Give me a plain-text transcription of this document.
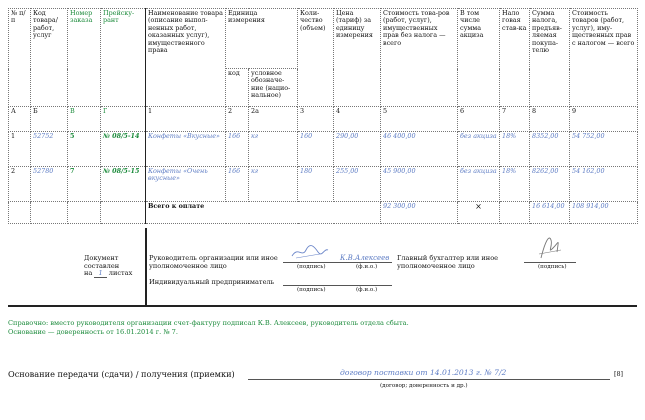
№ п/п	Код товара/ работ, услуг	Номер заказа	Прейску-рант	Наименование товара (описание выпол-ненных работ, оказанных услуг), имущественного права	Единица измерения		Коли-чество (объем)	Цена (тариф) за единицу измерения	Стоимость това-ров (работ, услуг), имущественных прав без налога — всего	В том числе сумма акциза	Нало говая став-ка	Сумма налога, предъяв-ляемая покупа-телю	Стоимость товаров (работ, услуг), иму-щественных прав с налогом — всего
					код	условное обозначе-ние (нацио-нальное)							
А	Б	В	Г	1	2	2а	3	4	5	6	7	8	9
1	52752	5	№ 08/5-14	Конфеты «Вкусные»	166	кг	160	290,00	46 400,00	без акциза	18%	8352,00	54 752,00
2	52780	7	№ 08/5-15	Конфеты «Очень вкусные»	166	кг	180	255,00	45 900,00	без акциза	18%	8262,00	54 162,00
				Всего к оплате					92 300,00	×		16 614,00	108 914,00
Документ составлен
на 1 листах
Руководитель организации или иное уполномоченное лицо	(подпись)
К.В.Алексеев
(ф.и.о.)
Главный бухгалтер или иное уполномоченное лицо	(подпись)
Индивидуальный предприниматель
(подпись)	(ф.и.о.)
Справочно: вместо руководителя организации счет-фактуру подписал К.В. Алексеев, руководитель отдела сбыта.
Основание — доверенность от 16.01.2014 г. № 7.
Основание передачи (сдачи) / получения (приемки)	договор поставки от 14.01.2013 г. № 7/2
(договор; доверенность и др.)
[8]
